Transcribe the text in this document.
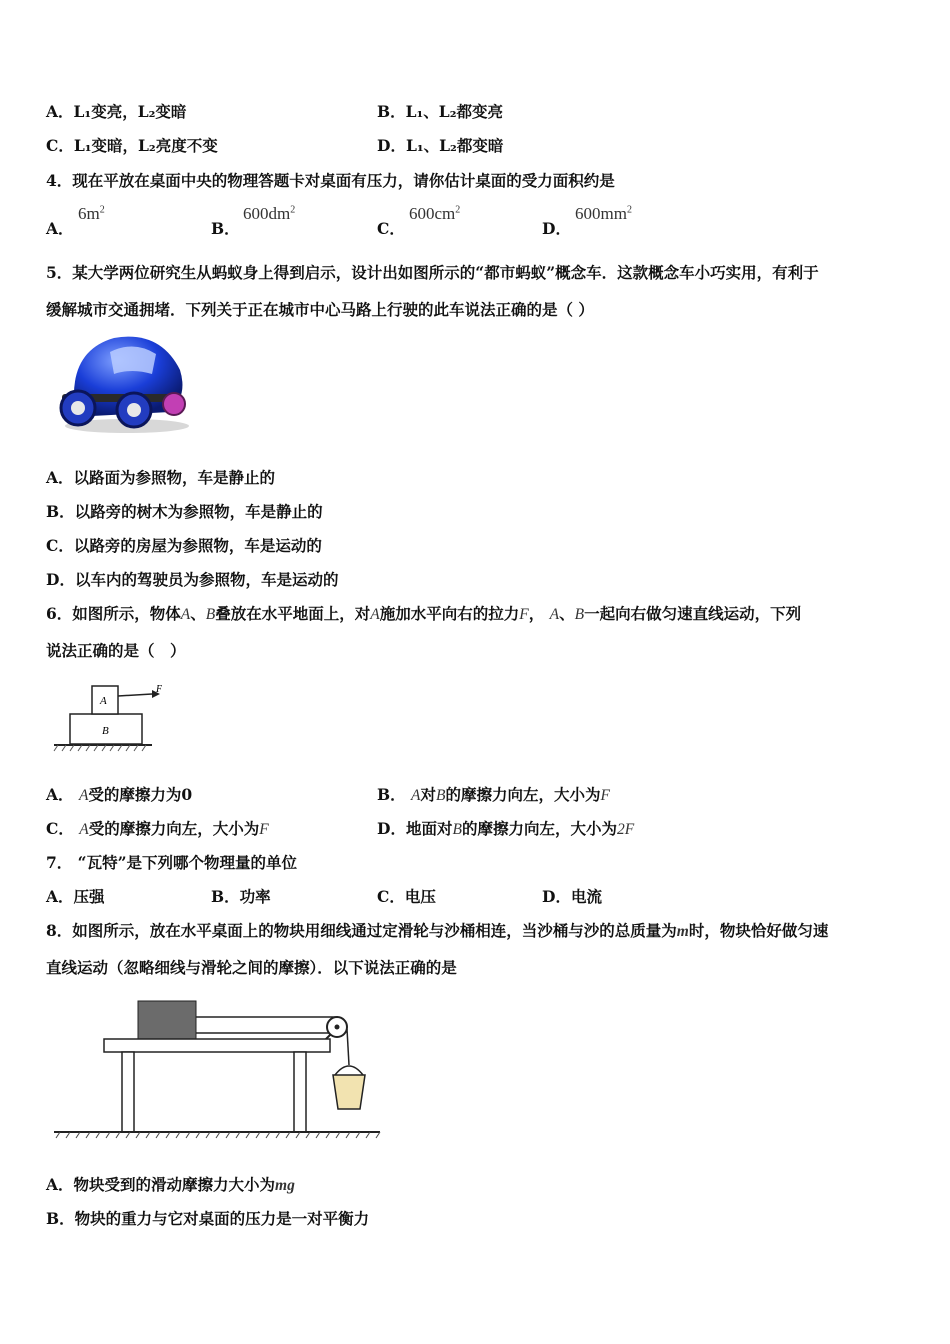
A．L₁变亮，L₂变暗	B．L₁、L₂都变亮
C．L₁变暗，L₂亮度不变	D．L₁、L₂都变暗
4．现在平放在桌面中央的物理答题卡对桌面有压力，请你估计桌面的受力面积约是
A．
$6m^2$
B．
$600dm^2$
C．
$600cm^2$
D．
$600mm^2$
5．某大学两位研究生从蚂蚁身上得到启示，设计出如图所示的“都市蚂蚁”概念车．这款概念车小巧实用，有利于
缓解城市交通拥堵．下列关于正在城市中心马路上行驶的此车说法正确的是（ ）
A．以路面为参照物，车是静止的
B．以路旁的树木为参照物，车是静止的
C．以路旁的房屋为参照物，车是运动的
D．以车内的驾驶员为参照物，车是运动的
6．如图所示，物体A、B叠放在水平地面上，对A施加水平向右的拉力F， A、B一起向右做匀速直线运动，下列
说法正确的是（　）
A
B
F
A． A受的摩擦力为0	B． A对B的摩擦力向左，大小为F
C． A受的摩擦力向左，大小为F	D．地面对B的摩擦力向左，大小为2F
7． “瓦特”是下列哪个物理量的单位
A．压强	B．功率	C．电压	D．电流
8．如图所示，放在水平桌面上的物块用细线通过定滑轮与沙桶相连，当沙桶与沙的总质量为m时，物块恰好做匀速
直线运动（忽略细线与滑轮之间的摩擦）．以下说法正确的是
A．物块受到的滑动摩擦力大小为mg
B．物块的重力与它对桌面的压力是一对平衡力
